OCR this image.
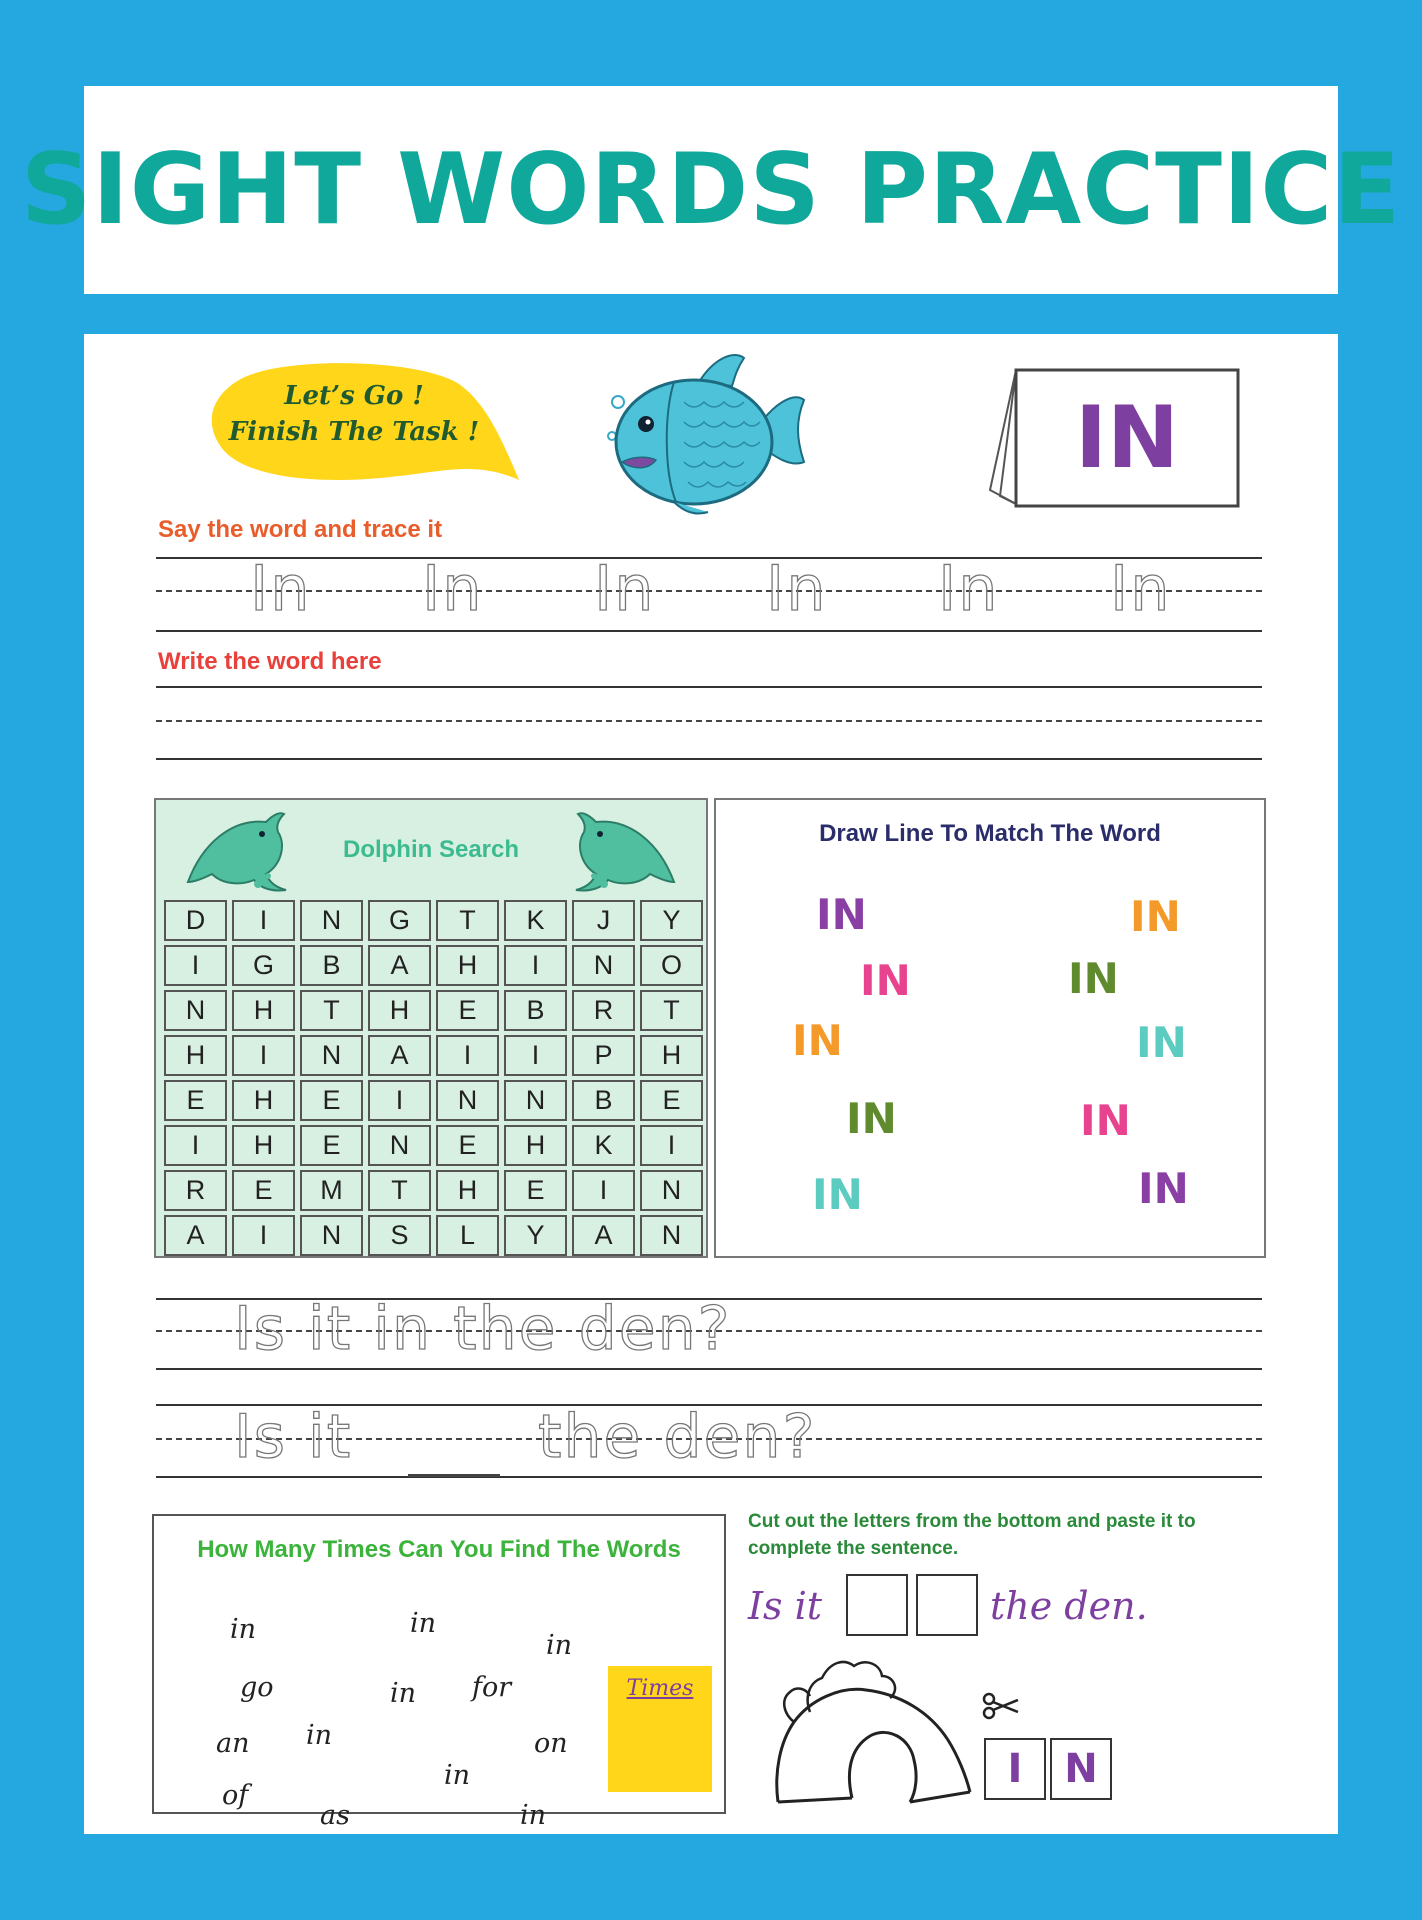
SIGHT WORDS PRACTICE
Let’s Go !
Finish The Task !	IN
Say the word and trace it
In In In In In In
Write the word here
Dolphin Search
D	I	N	G	T	K	J	Y
I	G	B	A	H	I	N	O
N	H	T	H	E	B	R	T
H	I	N	A	I	I	P	H
E	H	E	I	N	N	B	E
I	H	E	N	E	H	K	I
R	E	M	T	H	E	I	N
A	I	N	S	L	Y	A	N
Draw Line To Match The Word
IN
IN
IN
IN
IN
IN
IN
IN
IN
IN
Is it in the den?
Is it	the den?
How Many Times Can You Find The Words
in	in
in
go	in for
an in	on
of
in
as	in
Times
Cut out the letters from the bottom and paste it to complete the sentence.
Is it	the den.
I	N
